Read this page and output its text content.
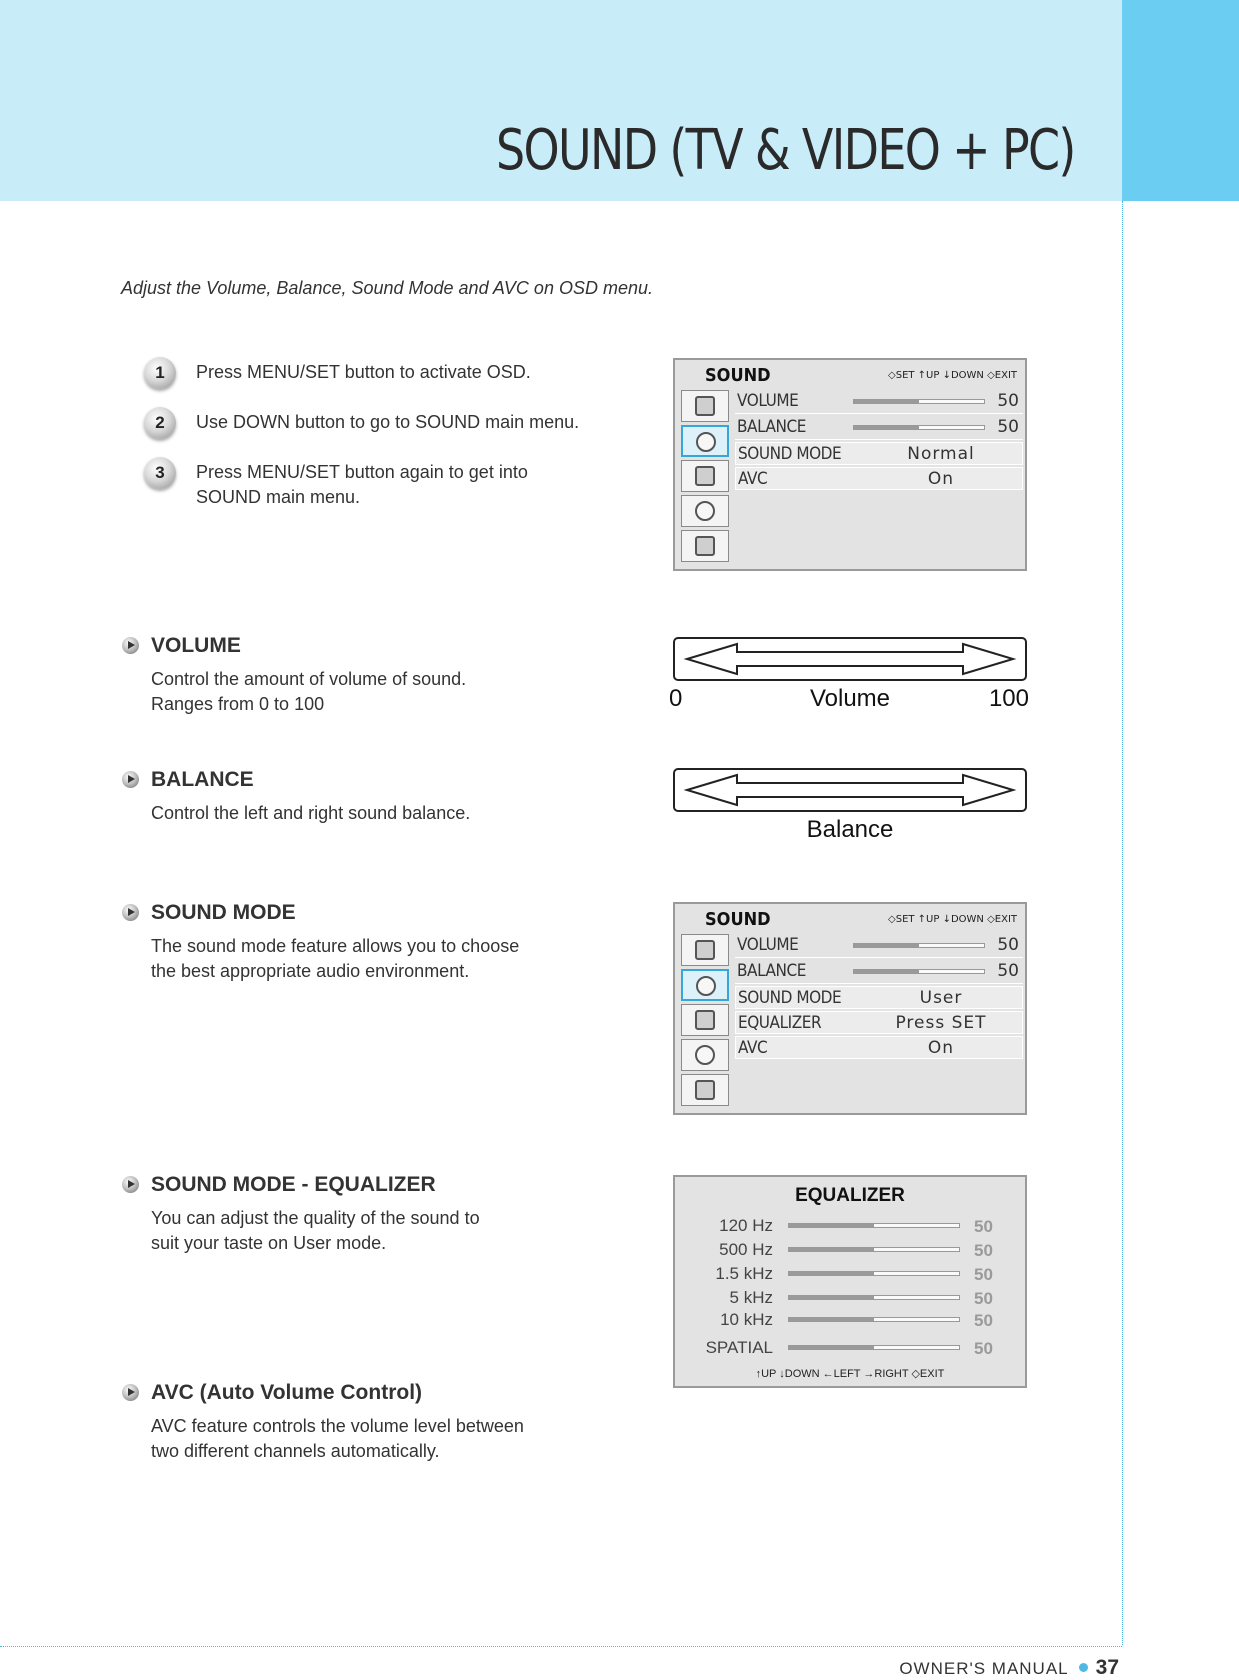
SOUND (TV & VIDEO + PC)
Adjust the Volume, Balance, Sound Mode and AVC on OSD menu.
1	Press MENU/SET button to activate OSD.
2	Use DOWN button to go to SOUND main menu.
3	Press MENU/SET button again to get into SOUND main menu.
SOUND	◇SET ↑UP ↓DOWN ◇EXIT
VOLUME	50
BALANCE	50
SOUND MODE	Normal
AVC	On
VOLUME
Control the amount of volume of sound. Ranges from 0 to 100	0	Volume	100
BALANCE
Control the left and right sound balance.
Balance
SOUND MODE
The sound mode feature allows you to choose the best appropriate audio environment.
SOUND	◇SET ↑UP ↓DOWN ◇EXIT
VOLUME	50
BALANCE	50
SOUND MODE	User
EQUALIZER	Press SET
AVC	On
SOUND MODE - EQUALIZER
You can adjust the quality of the sound to suit your taste on User mode.
EQUALIZER
120 Hz	50
500 Hz	50
1.5 kHz	50
5 kHz	50
10 kHz	50
SPATIAL	50
↑UP ↓DOWN ←LEFT →RIGHT ◇EXIT
AVC (Auto Volume Control)
AVC feature controls the volume level between two different channels automatically.
OWNER'S MANUAL 37
